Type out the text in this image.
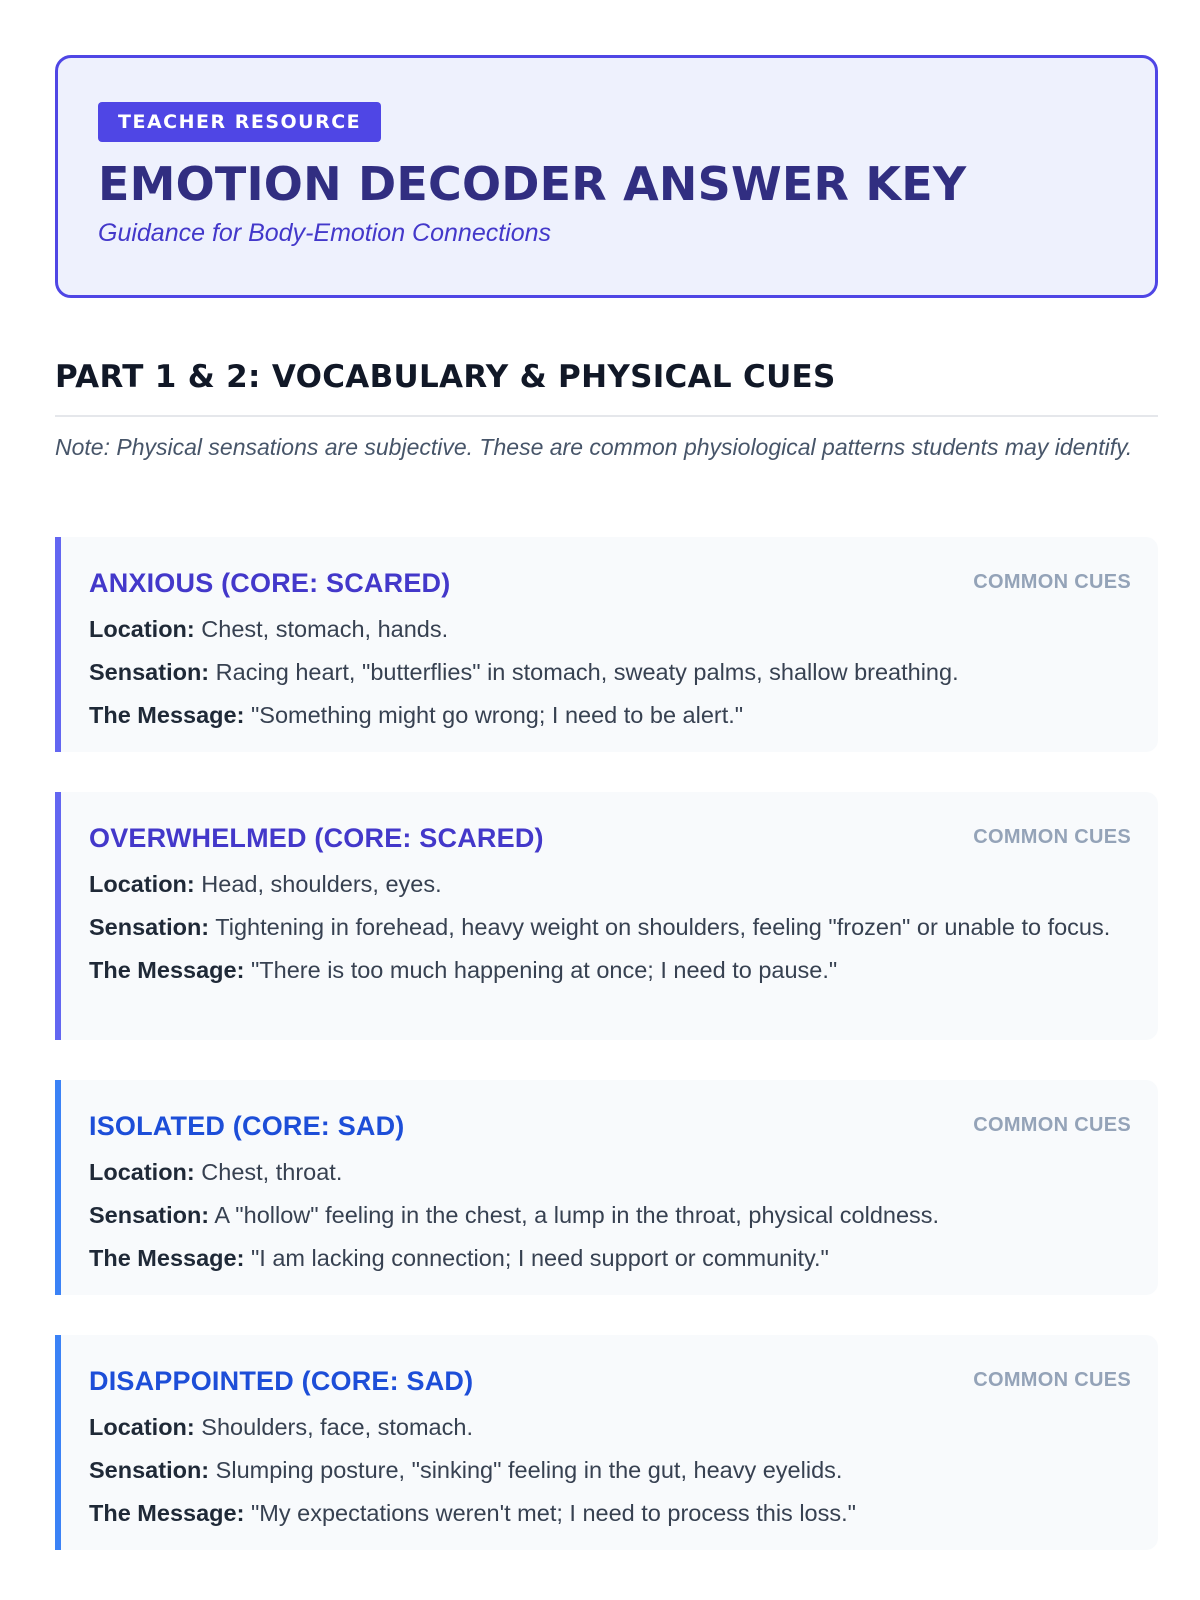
TEACHER RESOURCE
EMOTION DECODER ANSWER KEY

Guidance for Body-Emotion Connections

PART 1 & 2: VOCABULARY & PHYSICAL CUES

Note: Physical sensations are subjective. These are common physiological patterns students may identify.

ANXIOUS (CORE: SCARED)	COMMON CUES

Location: Chest, stomach, hands.

Sensation: Racing heart, "butterflies" in stomach, sweaty palms, shallow breathing.

The Message: "Something might go wrong; I need to be alert."

OVERWHELMED (CORE: SCARED)	COMMON CUES

Location: Head, shoulders, eyes.

Sensation: Tightening in forehead, heavy weight on shoulders, feeling "frozen" or unable to focus.

The Message: "There is too much happening at once; I need to pause."

ISOLATED (CORE: SAD)	COMMON CUES

Location: Chest, throat.

Sensation: A "hollow" feeling in the chest, a lump in the throat, physical coldness.

The Message: "I am lacking connection; I need support or community."

DISAPPOINTED (CORE: SAD)	COMMON CUES

Location: Shoulders, face, stomach.

Sensation: Slumping posture, "sinking" feeling in the gut, heavy eyelids.

The Message: "My expectations weren't met; I need to process this loss."
